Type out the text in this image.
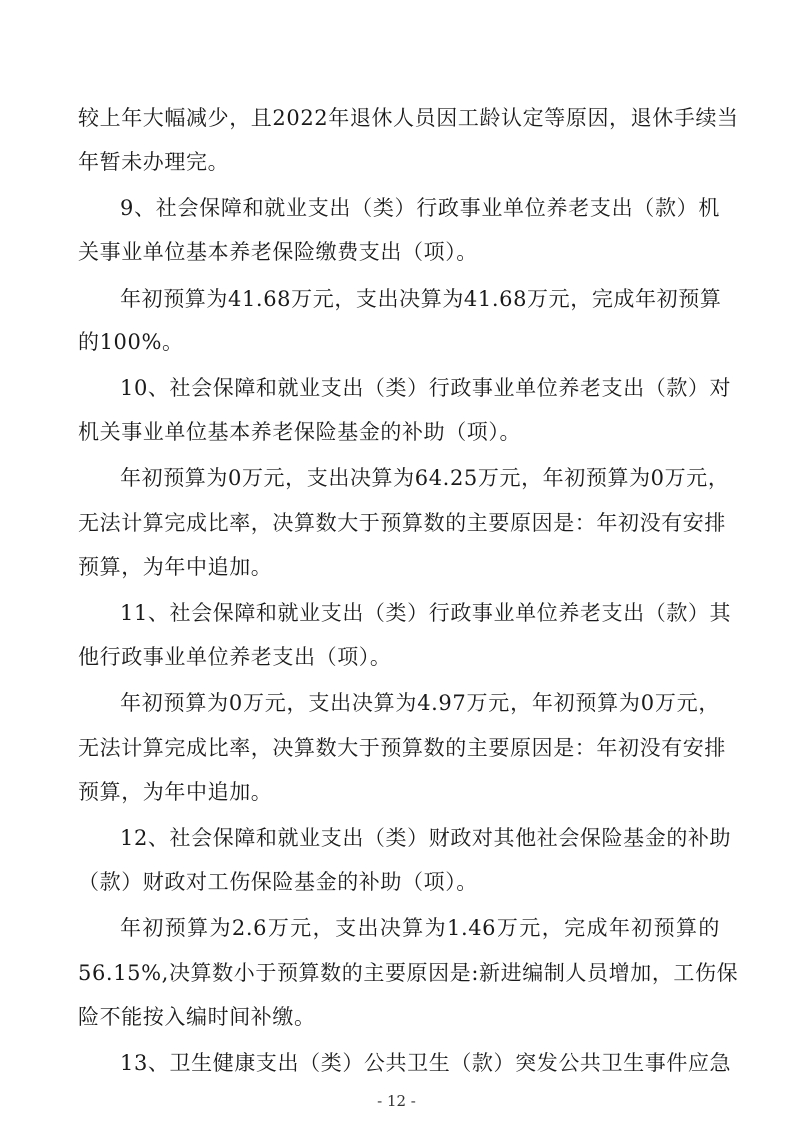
较上年大幅减少，且2022年退休人员因工龄认定等原因，退休手续当
年暂未办理完。
9、社会保障和就业支出（类）行政事业单位养老支出（款）机
关事业单位基本养老保险缴费支出（项）。
年初预算为41.68万元，支出决算为41.68万元，完成年初预算
的100%。
10、社会保障和就业支出（类）行政事业单位养老支出（款）对
机关事业单位基本养老保险基金的补助（项）。
年初预算为0万元，支出决算为64.25万元，年初预算为0万元，
无法计算完成比率，决算数大于预算数的主要原因是：年初没有安排
预算，为年中追加。
11、社会保障和就业支出（类）行政事业单位养老支出（款）其
他行政事业单位养老支出（项）。
年初预算为0万元，支出决算为4.97万元，年初预算为0万元，
无法计算完成比率，决算数大于预算数的主要原因是：年初没有安排
预算，为年中追加。
12、社会保障和就业支出（类）财政对其他社会保险基金的补助
（款）财政对工伤保险基金的补助（项）。
年初预算为2.6万元，支出决算为1.46万元，完成年初预算的
56.15%,决算数小于预算数的主要原因是:新进编制人员增加，工伤保
险不能按入编时间补缴。
13、卫生健康支出（类）公共卫生（款）突发公共卫生事件应急
- 12 -
